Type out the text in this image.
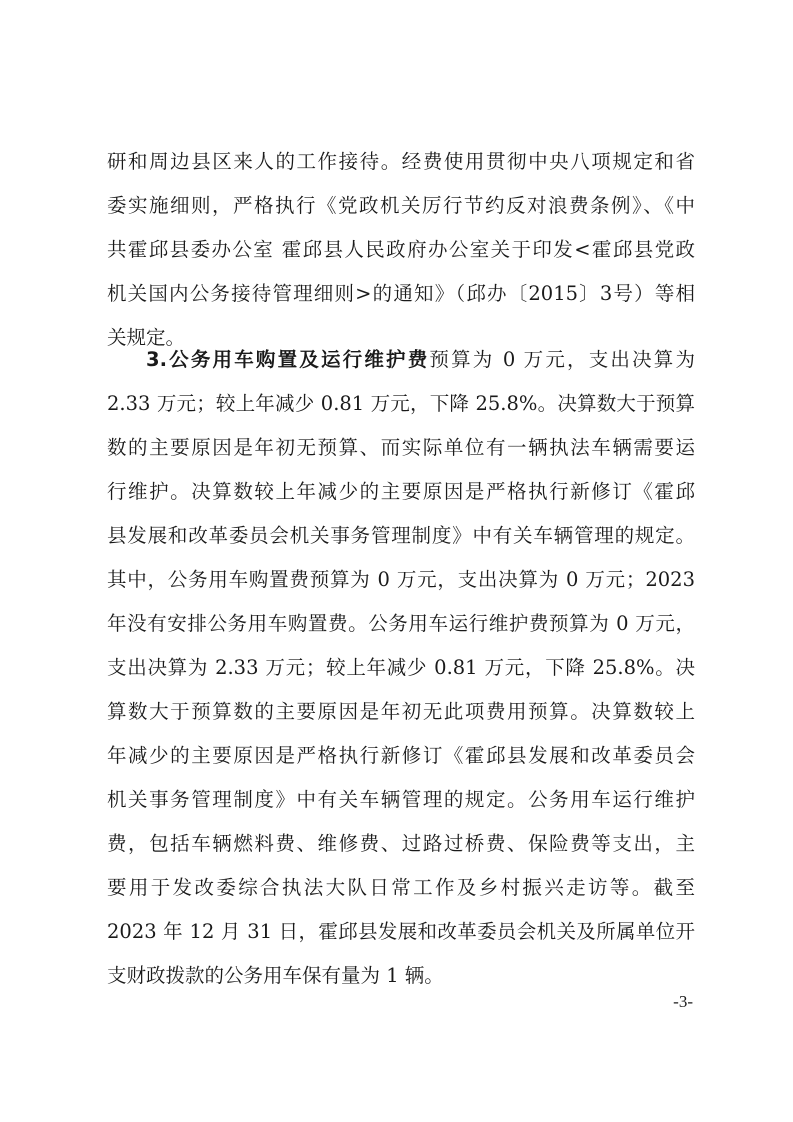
研和周边县区来人的工作接待。经费使用贯彻中央八项规定和省
委实施细则，严格执行《党政机关厉行节约反对浪费条例》、《中
共霍邱县委办公室 霍邱县人民政府办公室关于印发<霍邱县党政
机关国内公务接待管理细则>的通知》（邱办〔2015〕3号）等相
关规定。
3.公务用车购置及运行维护费预算为 0 万元，支出决算为
2.33 万元；较上年减少 0.81 万元，下降 25.8%。决算数大于预算
数的主要原因是年初无预算、而实际单位有一辆执法车辆需要运
行维护。决算数较上年减少的主要原因是严格执行新修订《霍邱
县发展和改革委员会机关事务管理制度》中有关车辆管理的规定。
其中，公务用车购置费预算为 0 万元，支出决算为 0 万元；2023
年没有安排公务用车购置费。公务用车运行维护费预算为 0 万元，
支出决算为 2.33 万元；较上年减少 0.81 万元，下降 25.8%。决
算数大于预算数的主要原因是年初无此项费用预算。决算数较上
年减少的主要原因是严格执行新修订《霍邱县发展和改革委员会
机关事务管理制度》中有关车辆管理的规定。公务用车运行维护
费，包括车辆燃料费、维修费、过路过桥费、保险费等支出，主
要用于发改委综合执法大队日常工作及乡村振兴走访等。截至
2023 年 12 月 31 日，霍邱县发展和改革委员会机关及所属单位开
支财政拨款的公务用车保有量为 1 辆。
-3-
